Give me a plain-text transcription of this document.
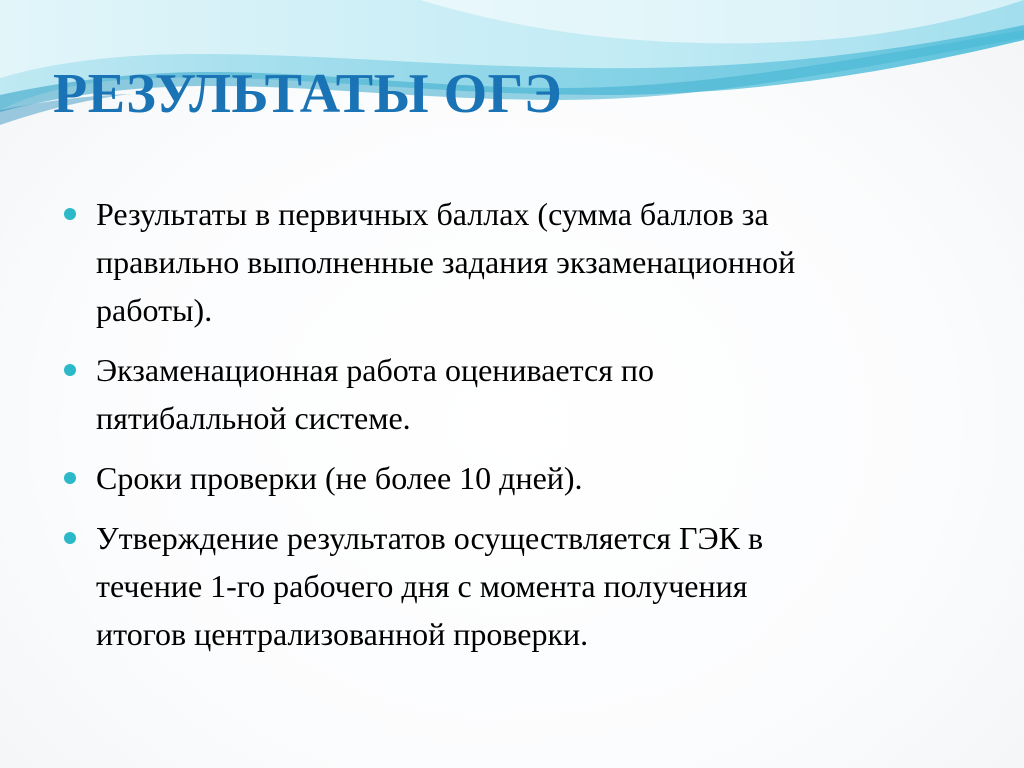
РЕЗУЛЬТАТЫ ОГЭ
Результаты в первичных баллах (сумма баллов за
правильно выполненные задания экзаменационной
работы).
Экзаменационная работа оценивается по
пятибалльной системе.
Сроки проверки (не более 10 дней).
Утверждение результатов осуществляется ГЭК в
течение 1-го рабочего дня с момента получения
итогов централизованной проверки.
